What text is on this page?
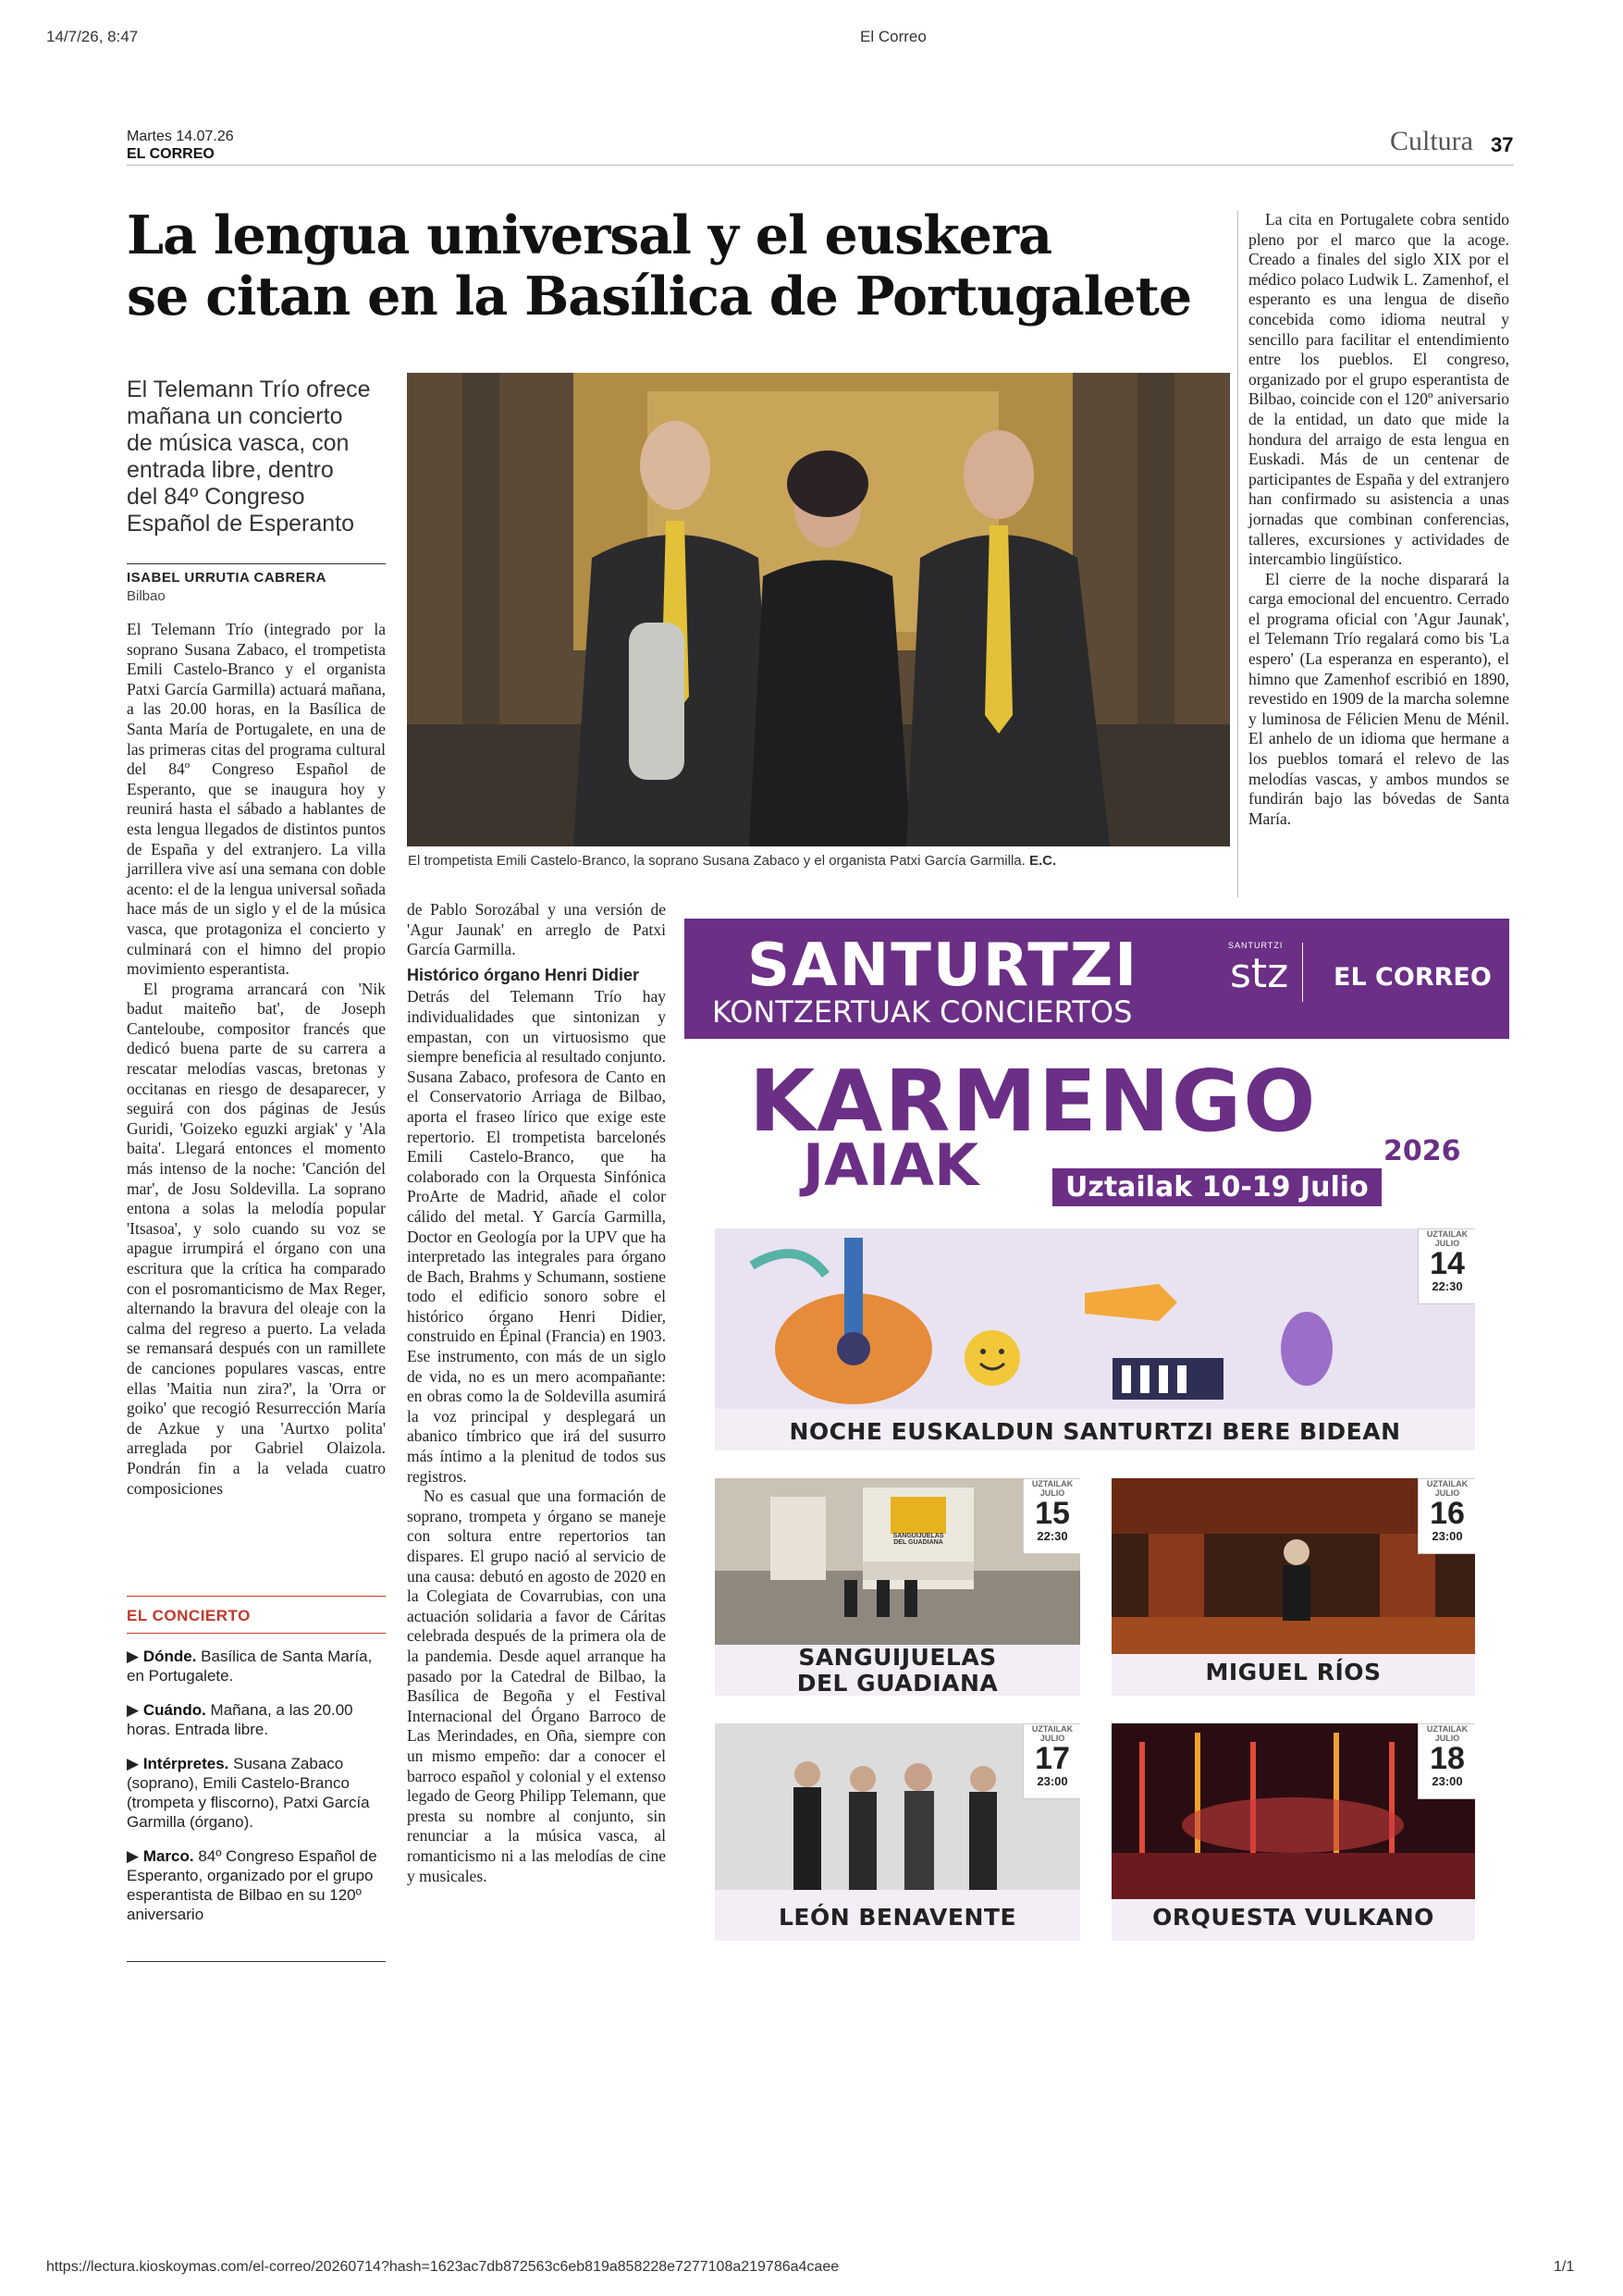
14/7/26, 8:47	El Correo
Martes 14.07.26
EL CORREO	Cultura 37
La lengua universal y el euskera
se citan en la Basílica de Portugalete
El Telemann Trío ofrece
mañana un concierto
de música vasca, con
entrada libre, dentro
del 84º Congreso
Español de Esperanto
ISABEL URRUTIA CABRERA
Bilbao
El trompetista Emili Castelo-Branco, la soprano Susana Zabaco y el organista Patxi García Garmilla. E.C.

El Telemann Trío (integrado por la soprano Susana Zabaco, el trompetista Emili Castelo-Branco y el organista Patxi García Garmilla) actuará mañana, a las 20.00 horas, en la Basílica de Santa María de Portugalete, en una de las primeras citas del programa cultural del 84º Congreso Español de Esperanto, que se inaugura hoy y reunirá hasta el sábado a hablantes de esta lengua llegados de distintos puntos de España y del extranjero. La villa jarrillera vive así una semana con doble acento: el de la lengua universal soñada hace más de un siglo y el de la música vasca, que protagoniza el concierto y culminará con el himno del propio movimiento esperantista.

El programa arrancará con 'Nik badut maiteño bat', de Joseph Canteloube, compositor francés que dedicó buena parte de su carrera a rescatar melodías vascas, bretonas y occitanas en riesgo de desaparecer, y seguirá con dos páginas de Jesús Guridi, 'Goizeko eguzki argiak' y 'Ala baita'. Llegará entonces el momento más intenso de la noche: 'Canción del mar', de Josu Soldevilla. La soprano entona a solas la melodía popular 'Itsasoa', y solo cuando su voz se apague irrumpirá el órgano con una escritura que la crítica ha comparado con el posromanticismo de Max Reger, alternando la bravura del oleaje con la calma del regreso a puerto. La velada se remansará después con un ramillete de canciones populares vascas, entre ellas 'Maitia nun zira?', la 'Orra or goiko' que recogió Resurrección María de Azkue y una 'Aurtxo polita' arreglada por Gabriel Olaizola. Pondrán fin a la velada cuatro composiciones

de Pablo Sorozábal y una versión de 'Agur Jaunak' en arreglo de Patxi García Garmilla.

Histórico órgano Henri Didier

Detrás del Telemann Trío hay individualidades que sintonizan y empastan, con un virtuosismo que siempre beneficia al resultado conjunto. Susana Zabaco, profesora de Canto en el Conservatorio Arriaga de Bilbao, aporta el fraseo lírico que exige este repertorio. El trompetista barcelonés Emili Castelo-Branco, que ha colaborado con la Orquesta Sinfónica ProArte de Madrid, añade el color cálido del metal. Y García Garmilla, Doctor en Geología por la UPV que ha interpretado las integrales para órgano de Bach, Brahms y Schumann, sostiene todo el edificio sonoro sobre el histórico órgano Henri Didier, construido en Épinal (Francia) en 1903. Ese instrumento, con más de un siglo de vida, no es un mero acompañante: en obras como la de Soldevilla asumirá la voz principal y desplegará un abanico tímbrico que irá del susurro más íntimo a la plenitud de todos sus registros.

No es casual que una formación de soprano, trompeta y órgano se maneje con soltura entre repertorios tan dispares. El grupo nació al servicio de una causa: debutó en agosto de 2020 en la Colegiata de Covarrubias, con una actuación solidaria a favor de Cáritas celebrada después de la primera ola de la pandemia. Desde aquel arranque ha pasado por la Catedral de Bilbao, la Basílica de Begoña y el Festival Internacional del Órgano Barroco de Las Merindades, en Oña, siempre con un mismo empeño: dar a conocer el barroco español y colonial y el extenso legado de Georg Philipp Telemann, que presta su nombre al conjunto, sin renunciar a la música vasca, al romanticismo ni a las melodías de cine y musicales.

La cita en Portugalete cobra sentido pleno por el marco que la acoge. Creado a finales del siglo XIX por el médico polaco Ludwik L. Zamenhof, el esperanto es una lengua de diseño concebida como idioma neutral y sencillo para facilitar el entendimiento entre los pueblos. El congreso, organizado por el grupo esperantista de Bilbao, coincide con el 120º aniversario de la entidad, un dato que mide la hondura del arraigo de esta lengua en Euskadi. Más de un centenar de participantes de España y del extranjero han confirmado su asistencia a unas jornadas que combinan conferencias, talleres, excursiones y actividades de intercambio lingüístico.

El cierre de la noche disparará la carga emocional del encuentro. Cerrado el programa oficial con 'Agur Jaunak', el Telemann Trío regalará como bis 'La espero' (La esperanza en esperanto), el himno que Zamenhof escribió en 1890, revestido en 1909 de la marcha solemne y luminosa de Félicien Menu de Ménil. El anhelo de un idioma que hermane a los pueblos tomará el relevo de las melodías vascas, y ambos mundos se fundirán bajo las bóvedas de Santa María.

EL CONCIERTO
▶ Dónde. Basílica de Santa María, en Portugalete.
▶ Cuándo. Mañana, a las 20.00 horas. Entrada libre.
▶ Intérpretes. Susana Zabaco (soprano), Emili Castelo-Branco (trompeta y fliscorno), Patxi García Garmilla (órgano).
▶ Marco. 84º Congreso Español de Esperanto, organizado por el grupo esperantista de Bilbao en su 120º aniversario
SANTURTZI
KONTZERTUAK CONCIERTOS
SANTURTZI
stz EL CORREO
KARMENGO
JAIAK	2026
Uztailak 10-19 Julio
NOCHE EUSKALDUN SANTURTZI BERE BIDEAN
UZTAILAK JULIO
14
22:30
SANGUIJUELAS DEL GUADIANA
SANGUIJUELAS
DEL GUADIANA
UZTAILAK JULIO
15
22:30
MIGUEL RÍOS
UZTAILAK JULIO
16
23:00
LEÓN BENAVENTE
UZTAILAK JULIO
17
23:00
ORQUESTA VULKANO
UZTAILAK JULIO
18
23:00
https://lectura.kioskoymas.com/el-correo/20260714?hash=1623ac7db872563c6eb819a858228e7277108a219786a4caee	1/1
